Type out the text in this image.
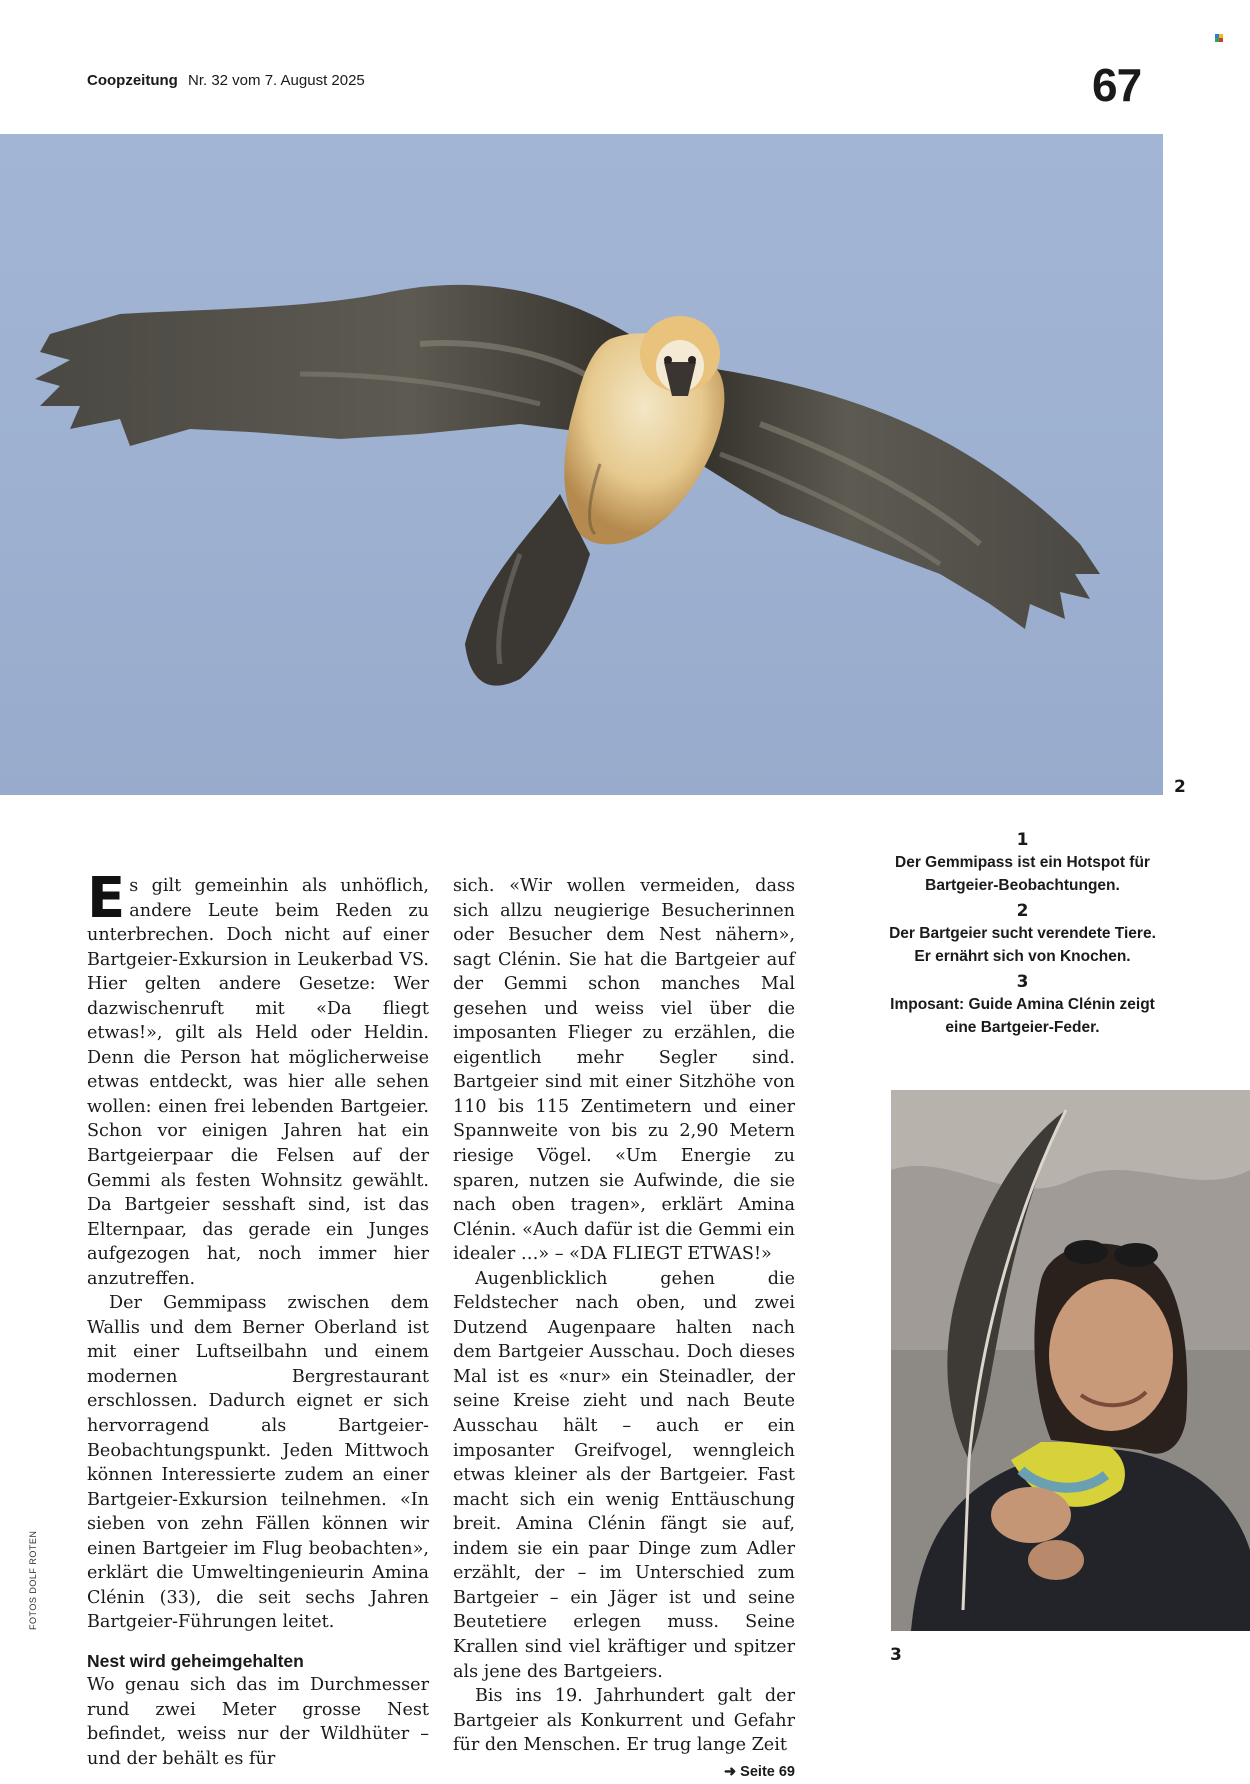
Coopzeitung Nr. 32 vom 7. August 2025	67
2
1
Der Gemmipass ist ein Hotspot für Bartgeier-Beobachtungen.
2
Der Bartgeier sucht verendete Tiere. Er ernährt sich von Knochen.
3
Imposant: Guide Amina Clénin zeigt eine Bartgeier-Feder.
3

Es gilt gemeinhin als unhöflich, andere Leute beim Reden zu unterbrechen. Doch nicht auf einer Bartgeier-Exkursion in Leukerbad VS. Hier gelten andere Gesetze: Wer dazwischenruft mit «Da fliegt etwas!», gilt als Held oder Heldin. Denn die Person hat möglicherweise etwas entdeckt, was hier alle sehen wollen: einen frei lebenden Bartgeier. Schon vor einigen Jahren hat ein Bartgeierpaar die Felsen auf der Gemmi als festen Wohnsitz gewählt. Da Bartgeier sesshaft sind, ist das Elternpaar, das gerade ein Junges aufgezogen hat, noch immer hier anzutreffen.

Der Gemmipass zwischen dem Wallis und dem Berner Oberland ist mit einer Luftseilbahn und einem modernen Bergrestaurant erschlossen. Dadurch eignet er sich hervorragend als Bartgeier-Beobachtungspunkt. Jeden Mittwoch können Interessierte zudem an einer Bartgeier-Exkursion teilnehmen. «In sieben von zehn Fällen können wir einen Bartgeier im Flug beobachten», erklärt die Umweltingenieurin Amina Clénin (33), die seit sechs Jahren Bartgeier-Führungen leitet.

Nest wird geheimgehalten

Wo genau sich das im Durchmesser rund zwei Meter grosse Nest befindet, weiss nur der Wildhüter – und der behält es für

sich. «Wir wollen vermeiden, dass sich allzu neugierige Besucherinnen oder Besucher dem Nest nähern», sagt Clénin. Sie hat die Bartgeier auf der Gemmi schon manches Mal gesehen und weiss viel über die imposanten Flieger zu erzählen, die eigentlich mehr Segler sind. Bartgeier sind mit einer Sitzhöhe von 110 bis 115 Zentimetern und einer Spannweite von bis zu 2,90 Metern riesige Vögel. «Um Energie zu sparen, nutzen sie Aufwinde, die sie nach oben tragen», erklärt Amina Clénin. «Auch dafür ist die Gemmi ein idealer …» – «DA FLIEGT ETWAS!»

Augenblicklich gehen die Feldstecher nach oben, und zwei Dutzend Augenpaare halten nach dem Bartgeier Ausschau. Doch dieses Mal ist es «nur» ein Steinadler, der seine Kreise zieht und nach Beute Ausschau hält – auch er ein imposanter Greifvogel, wenngleich etwas kleiner als der Bartgeier. Fast macht sich ein wenig Enttäuschung breit. Amina Clénin fängt sie auf, indem sie ein paar Dinge zum Adler erzählt, der – im Unterschied zum Bartgeier – ein Jäger ist und seine Beutetiere erlegen muss. Seine Krallen sind viel kräftiger und spitzer als jene des Bartgeiers.

Bis ins 19. Jahrhundert galt der Bartgeier als Konkurrent und Gefahr für den Menschen. Er trug lange Zeit
➜ Seite 69

FOTOS DOLF ROTEN
